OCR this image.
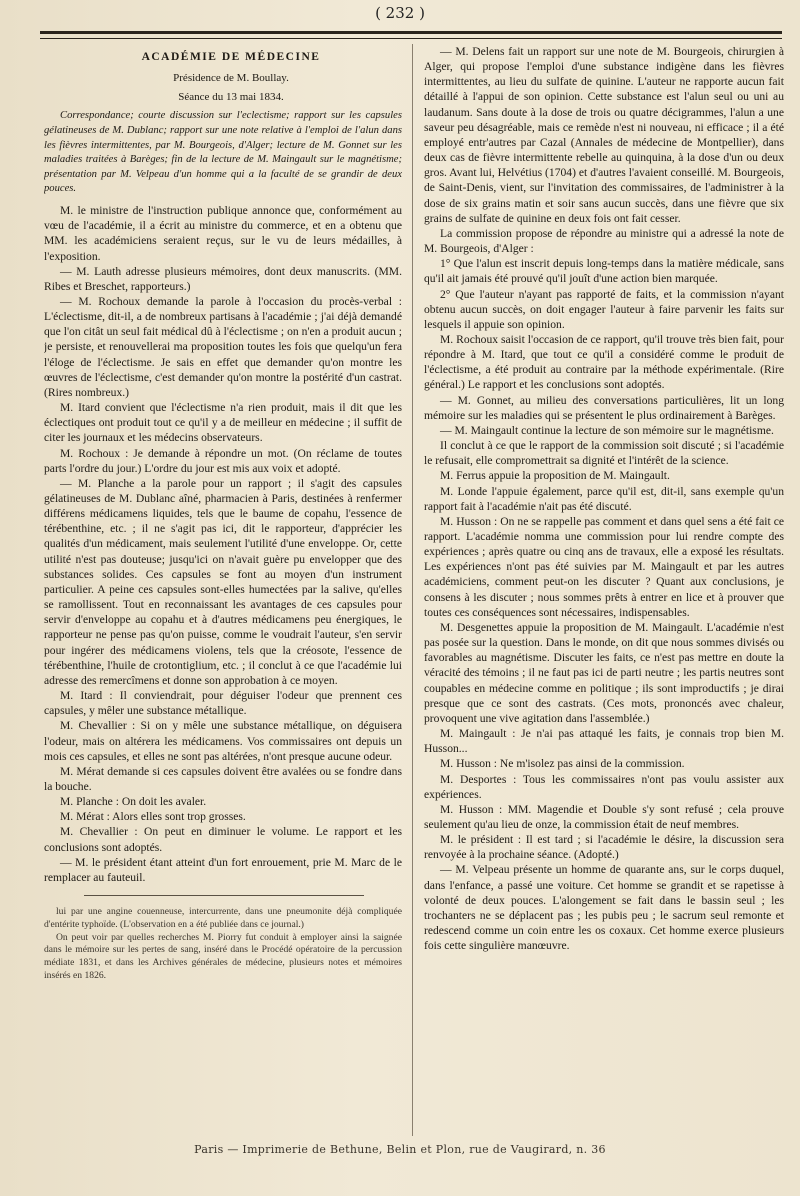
( 232 )

ACADÉMIE DE MÉDECINE

Présidence de M. Boullay.

Séance du 13 mai 1834.

Correspondance; courte discussion sur l'eclectisme; rapport sur les capsules gélatineuses de M. Dublanc; rapport sur une note relative à l'emploi de l'alun dans les fièvres intermittentes, par M. Bourgeois, d'Alger; lecture de M. Gonnet sur les maladies traitées à Barèges; fin de la lecture de M. Maingault sur le magnétisme; présentation par M. Velpeau d'un homme qui a la faculté de se grandir de deux pouces.

M. le ministre de l'instruction publique annonce que, conformément au vœu de l'académie, il a écrit au ministre du commerce, et en a obtenu que MM. les académiciens seraient reçus, sur le vu de leurs médailles, à l'exposition.

— M. Lauth adresse plusieurs mémoires, dont deux manuscrits. (MM. Ribes et Breschet, rapporteurs.)

— M. Rochoux demande la parole à l'occasion du procès-verbal : L'éclectisme, dit-il, a de nombreux partisans à l'académie ; j'ai déjà demandé que l'on citât un seul fait médical dû à l'éclectisme ; on n'en a produit aucun ; je persiste, et renouvellerai ma proposition toutes les fois que quelqu'un fera l'éloge de l'éclectisme. Je sais en effet que demander qu'on montre les œuvres de l'éclectisme, c'est demander qu'on montre la postérité d'un castrat. (Rires nombreux.)

M. Itard convient que l'éclectisme n'a rien produit, mais il dit que les éclectiques ont produit tout ce qu'il y a de meilleur en médecine ; il suffit de citer les journaux et les médecins observateurs.

M. Rochoux : Je demande à répondre un mot. (On réclame de toutes parts l'ordre du jour.) L'ordre du jour est mis aux voix et adopté.

— M. Planche a la parole pour un rapport ; il s'agit des capsules gélatineuses de M. Dublanc aîné, pharmacien à Paris, destinées à renfermer différens médicamens liquides, tels que le baume de copahu, l'essence de térébenthine, etc. ; il ne s'agit pas ici, dit le rapporteur, d'apprécier les qualités d'un médicament, mais seulement l'utilité d'une enveloppe. Or, cette utilité n'est pas douteuse; jusqu'ici on n'avait guère pu envelopper que des substances solides. Ces capsules se font au moyen d'un instrument particulier. A peine ces capsules sont-elles humectées par la salive, qu'elles se ramollissent. Tout en reconnaissant les avantages de ces capsules pour servir d'enveloppe au copahu et à d'autres médicamens peu énergiques, le rapporteur ne pense pas qu'on puisse, comme le voudrait l'auteur, s'en servir pour ingérer des médicamens violens, tels que la créosote, l'essence de térébenthine, l'huile de crotontiglium, etc. ; il conclut à ce que l'académie lui adresse des remercîmens et donne son approbation à ce moyen.

M. Itard : Il conviendrait, pour déguiser l'odeur que prennent ces capsules, y mêler une substance métallique.

M. Chevallier : Si on y mêle une substance métallique, on déguisera l'odeur, mais on altérera les médicamens. Vos commissaires ont depuis un mois ces capsules, et elles ne sont pas altérées, n'ont presque aucune odeur.

M. Mérat demande si ces capsules doivent être avalées ou se fondre dans la bouche.

M. Planche : On doit les avaler.

M. Mérat : Alors elles sont trop grosses.

M. Chevallier : On peut en diminuer le volume. Le rapport et les conclusions sont adoptés.

— M. le président étant atteint d'un fort enrouement, prie M. Marc de le remplacer au fauteuil.

lui par une angine couenneuse, intercurrente, dans une pneumonite déjà compliquée d'entérite typhoïde. (L'observation en a été publiée dans ce journal.)

On peut voir par quelles recherches M. Piorry fut conduit à employer ainsi la saignée dans le mémoire sur les pertes de sang, inséré dans le Procédé opératoire de la percussion médiate 1831, et dans les Archives générales de médecine, plusieurs notes et mémoires insérés en 1826.

— M. Delens fait un rapport sur une note de M. Bourgeois, chirurgien à Alger, qui propose l'emploi d'une substance indigène dans les fièvres intermittentes, au lieu du sulfate de quinine. L'auteur ne rapporte aucun fait détaillé à l'appui de son opinion. Cette substance est l'alun seul ou uni au laudanum. Sans doute à la dose de trois ou quatre décigrammes, l'alun a une saveur peu désagréable, mais ce remède n'est ni nouveau, ni efficace ; il a été employé entr'autres par Cazal (Annales de médecine de Montpellier), dans deux cas de fièvre intermittente rebelle au quinquina, à la dose d'un ou deux gros. Avant lui, Helvétius (1704) et d'autres l'avaient conseillé. M. Bourgeois, de Saint-Denis, vient, sur l'invitation des commissaires, de l'administrer à la dose de six grains matin et soir sans aucun succès, dans une fièvre que six grains de sulfate de quinine en deux fois ont fait cesser.

La commission propose de répondre au ministre qui a adressé la note de M. Bourgeois, d'Alger :

1° Que l'alun est inscrit depuis long-temps dans la matière médicale, sans qu'il ait jamais été prouvé qu'il jouît d'une action bien marquée.

2° Que l'auteur n'ayant pas rapporté de faits, et la commission n'ayant obtenu aucun succès, on doit engager l'auteur à faire parvenir les faits sur lesquels il appuie son opinion.

M. Rochoux saisit l'occasion de ce rapport, qu'il trouve très bien fait, pour répondre à M. Itard, que tout ce qu'il a considéré comme le produit de l'éclectisme, a été produit au contraire par la méthode expérimentale. (Rire général.) Le rapport et les conclusions sont adoptés.

— M. Gonnet, au milieu des conversations particulières, lit un long mémoire sur les maladies qui se présentent le plus ordinairement à Barèges.

— M. Maingault continue la lecture de son mémoire sur le magnétisme.

Il conclut à ce que le rapport de la commission soit discuté ; si l'académie le refusait, elle compromettrait sa dignité et l'intérêt de la science.

M. Ferrus appuie la proposition de M. Maingault.

M. Londe l'appuie également, parce qu'il est, dit-il, sans exemple qu'un rapport fait à l'académie n'ait pas été discuté.

M. Husson : On ne se rappelle pas comment et dans quel sens a été fait ce rapport. L'académie nomma une commission pour lui rendre compte des expériences ; après quatre ou cinq ans de travaux, elle a exposé les résultats. Les expériences n'ont pas été suivies par M. Maingault et par les autres académiciens, comment peut-on les discuter ? Quant aux conclusions, je consens à les discuter ; nous sommes prêts à entrer en lice et à prouver que toutes ces conséquences sont nécessaires, indispensables.

M. Desgenettes appuie la proposition de M. Maingault. L'académie n'est pas posée sur la question. Dans le monde, on dit que nous sommes divisés ou favorables au magnétisme. Discuter les faits, ce n'est pas mettre en doute la véracité des témoins ; il ne faut pas ici de parti neutre ; les partis neutres sont coupables en médecine comme en politique ; ils sont improductifs ; je dirai presque que ce sont des castrats. (Ces mots, prononcés avec chaleur, provoquent une vive agitation dans l'assemblée.)

M. Maingault : Je n'ai pas attaqué les faits, je connais trop bien M. Husson...

M. Husson : Ne m'isolez pas ainsi de la commission.

M. Desportes : Tous les commissaires n'ont pas voulu assister aux expériences.

M. Husson : MM. Magendie et Double s'y sont refusé ; cela prouve seulement qu'au lieu de onze, la commission était de neuf membres.

M. le président : Il est tard ; si l'académie le désire, la discussion sera renvoyée à la prochaine séance. (Adopté.)

— M. Velpeau présente un homme de quarante ans, sur le corps duquel, dans l'enfance, a passé une voiture. Cet homme se grandit et se rapetisse à volonté de deux pouces. L'alongement se fait dans le bassin seul ; les trochanters ne se déplacent pas ; les pubis peu ; le sacrum seul remonte et redescend comme un coin entre les os coxaux. Cet homme exerce plusieurs fois cette singulière manœuvre.

Paris — Imprimerie de Bethune, Belin et Plon, rue de Vaugirard, n. 36
